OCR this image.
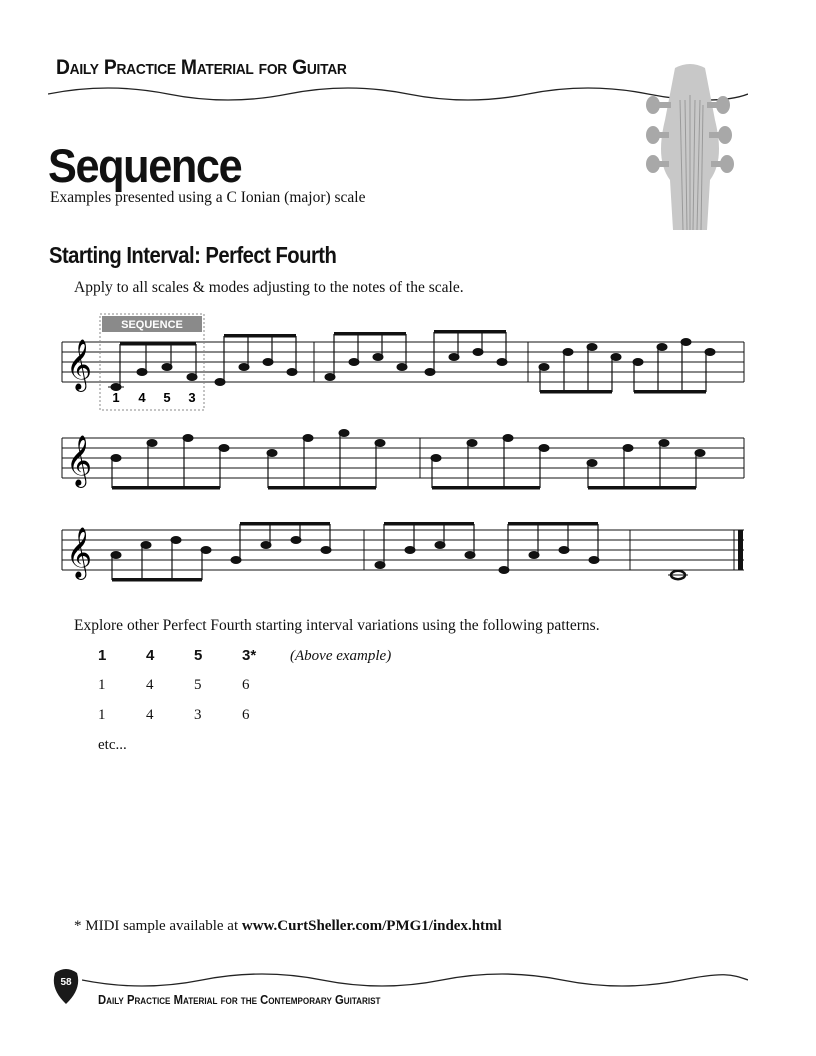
Daily Practice Material for Guitar
Sequence
Examples presented using a C Ionian (major) scale
Starting Interval: Perfect Fourth
Apply to all scales & modes adjusting to the notes of the scale.
𝄞
SEQUENCE
1 4 5 3
𝄞
𝄞
Explore other Perfect Fourth starting interval variations using the following patterns.
1	4	5	3* (Above example)
1	4	5	6
1	4	3	6
etc...
* MIDI sample available at www.CurtSheller.com/PMG1/index.html
58
Daily Practice Material for the Contemporary Guitarist
